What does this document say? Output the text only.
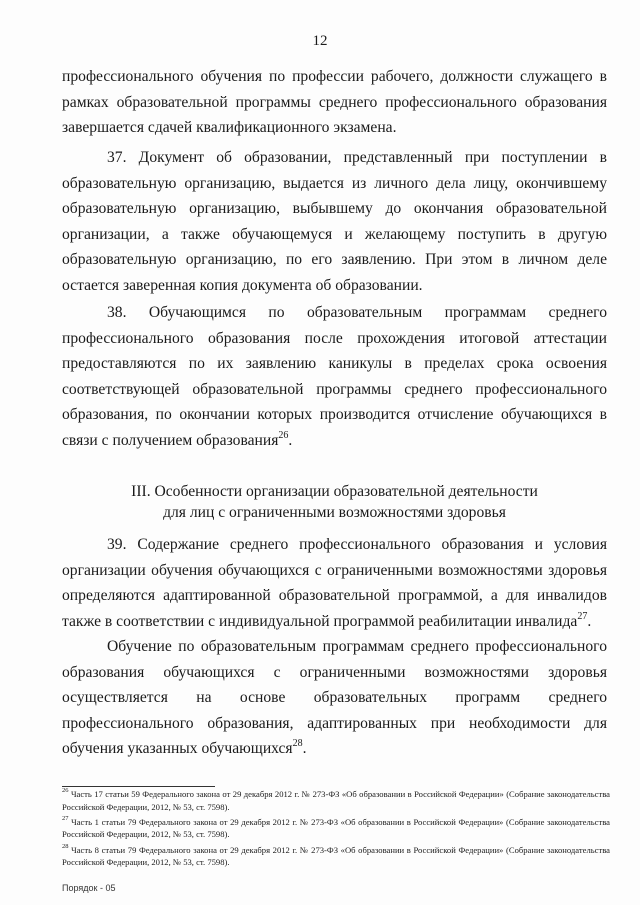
12

профессионального обучения по профессии рабочего, должности служащего в рамках образовательной программы среднего профессионального образования завершается сдачей квалификационного экзамена.

37. Документ об образовании, представленный при поступлении в образовательную организацию, выдается из личного дела лицу, окончившему образовательную организацию, выбывшему до окончания образовательной организации, а также обучающемуся и желающему поступить в другую образовательную организацию, по его заявлению. При этом в личном деле остается заверенная копия документа об образовании.

38. Обучающимся по образовательным программам среднего профессионального образования после прохождения итоговой аттестации предоставляются по их заявлению каникулы в пределах срока освоения соответствующей образовательной программы среднего профессионального образования, по окончании которых производится отчисление обучающихся в связи с получением образования$^{26}$.

III. Особенности организации образовательной деятельности
для лиц с ограниченными возможностями здоровья

39. Содержание среднего профессионального образования и условия организации обучения обучающихся с ограниченными возможностями здоровья определяются адаптированной образовательной программой, а для инвалидов также в соответствии с индивидуальной программой реабилитации инвалида$^{27}$.

Обучение по образовательным программам среднего профессионального образования обучающихся с ограниченными возможностями здоровья осуществляется на основе образовательных программ среднего профессионального образования, адаптированных при необходимости для обучения указанных обучающихся$^{28}$.

$^{26}$ Часть 17 статьи 59 Федерального закона от 29 декабря 2012 г. № 273-ФЗ «Об образовании в Российской Федерации» (Собрание законодательства Российской Федерации, 2012, № 53, ст. 7598).

$^{27}$ Часть 1 статьи 79 Федерального закона от 29 декабря 2012 г. № 273-ФЗ «Об образовании в Российской Федерации» (Собрание законодательства Российской Федерации, 2012, № 53, ст. 7598).

$^{28}$ Часть 8 статьи 79 Федерального закона от 29 декабря 2012 г. № 273-ФЗ «Об образовании в Российской Федерации» (Собрание законодательства Российской Федерации, 2012, № 53, ст. 7598).

Порядок - 05
